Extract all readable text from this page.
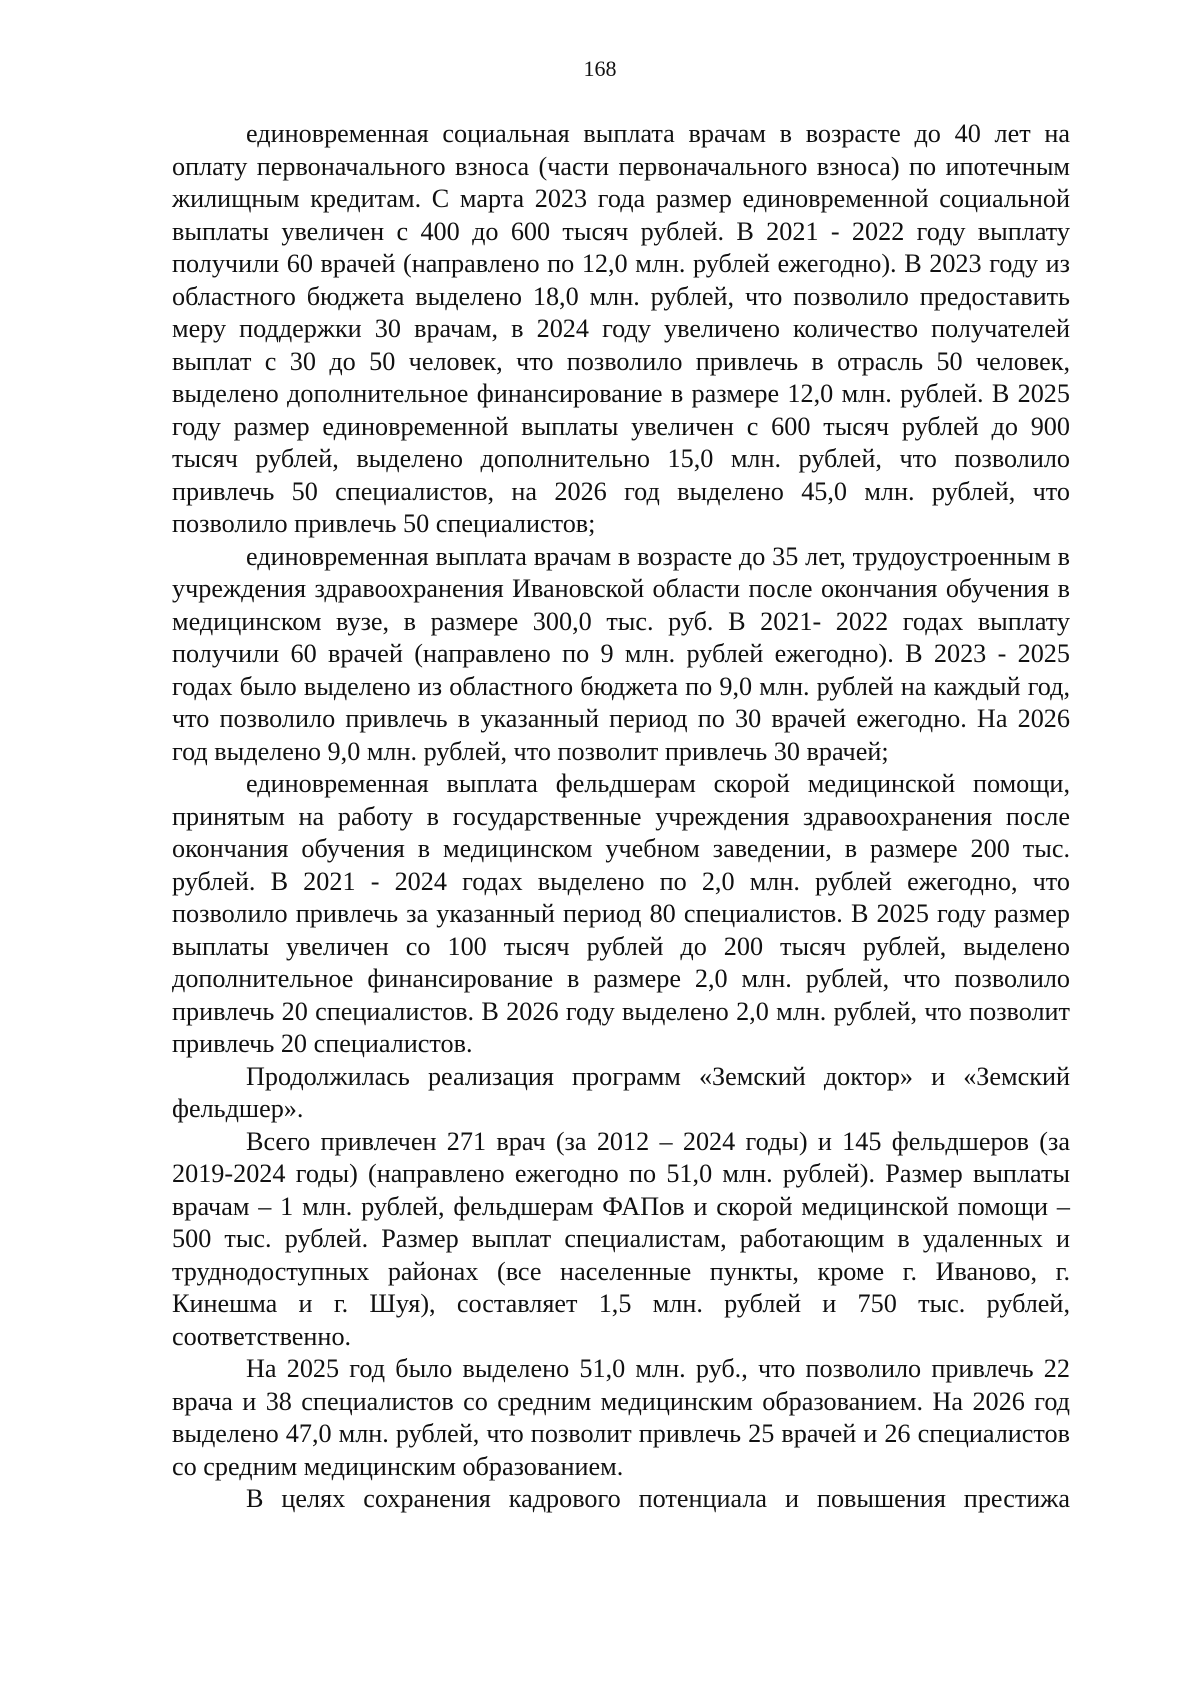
168

единовременная социальная выплата врачам в возрасте до 40 лет на оплату первоначального взноса (части первоначального взноса) по ипотечным жилищным кредитам. С марта 2023 года размер единовременной социальной выплаты увеличен с 400 до 600 тысяч рублей. В 2021 - 2022 году выплату получили 60 врачей (направлено по 12,0 млн. рублей ежегодно). В 2023 году из областного бюджета выделено 18,0 млн. рублей, что позволило предоставить меру поддержки 30 врачам, в 2024 году увеличено количество получателей выплат с 30 до 50 человек, что позволило привлечь в отрасль 50 человек, выделено дополнительное финансирование в размере 12,0 млн. рублей. В 2025 году размер единовременной выплаты увеличен с 600 тысяч рублей до 900 тысяч рублей, выделено дополнительно 15,0 млн. рублей, что позволило привлечь 50 специалистов, на 2026 год выделено 45,0 млн. рублей, что позволило привлечь 50 специалистов;

единовременная выплата врачам в возрасте до 35 лет, трудоустроенным в учреждения здравоохранения Ивановской области после окончания обучения в медицинском вузе, в размере 300,0 тыс. руб. В 2021- 2022 годах выплату получили 60 врачей (направлено по 9 млн. рублей ежегодно). В 2023 - 2025 годах было выделено из областного бюджета по 9,0 млн. рублей на каждый год, что позволило привлечь в указанный период по 30 врачей ежегодно. На 2026 год выделено 9,0 млн. рублей, что позволит привлечь 30 врачей;

единовременная выплата фельдшерам скорой медицинской помощи, принятым на работу в государственные учреждения здравоохранения после окончания обучения в медицинском учебном заведении, в размере 200 тыс. рублей. В 2021 - 2024 годах выделено по 2,0 млн. рублей ежегодно, что позволило привлечь за указанный период 80 специалистов. В 2025 году размер выплаты увеличен со 100 тысяч рублей до 200 тысяч рублей, выделено дополнительное финансирование в размере 2,0 млн. рублей, что позволило привлечь 20 специалистов. В 2026 году выделено 2,0 млн. рублей, что позволит привлечь 20 специалистов.

Продолжилась реализация программ «Земский доктор» и «Земский фельдшер».

Всего привлечен 271 врач (за 2012 – 2024 годы) и 145 фельдшеров (за 2019-2024 годы) (направлено ежегодно по 51,0 млн. рублей). Размер выплаты врачам – 1 млн. рублей, фельдшерам ФАПов и скорой медицинской помощи – 500 тыс. рублей. Размер выплат специалистам, работающим в удаленных и труднодоступных районах (все населенные пункты, кроме г. Иваново, г. Кинешма и г. Шуя), составляет 1,5 млн. рублей и 750 тыс. рублей, соответственно.

На 2025 год было выделено 51,0 млн. руб., что позволило привлечь 22 врача и 38 специалистов со средним медицинским образованием. На 2026 год выделено 47,0 млн. рублей, что позволит привлечь 25 врачей и 26 специалистов со средним медицинским образованием.

В целях сохранения кадрового потенциала и повышения престижа
